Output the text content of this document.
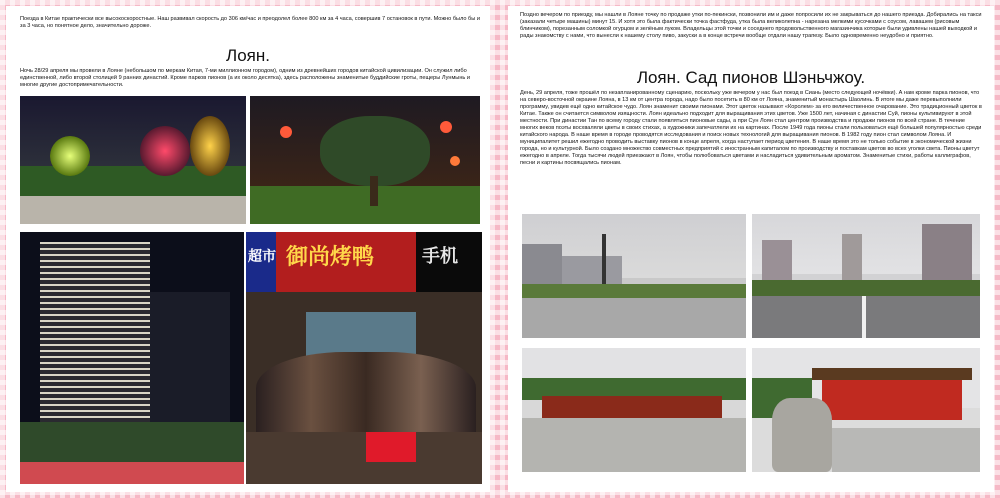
Поезда в Китае практически все высокоскоростные. Наш развивал скорость до 306 км/час и преодолел более 800 км за 4 часа, совершив 7 остановок в пути. Можно было бы и за 3 часа, но понятное дело, значительно дороже.
Лоян.
Ночь 28/29 апреля мы провели в Лояне (небольшом по меркам Китая, 7-ми миллионном городом), одним из древнейших городов китайской цивилизации. Он служил либо единственной, либо второй столицей 9 ранних династий. Кроме парков пионов (а их около десятка), здесь расположены знаменитые буддийские гроты, пещеры Лунмынь и многие другие достопримечательности.
御尚烤鸭	手机
超市
Поздно вечером по приезду, мы нашли в Лояне точку по продаже утки по-пекински, позвонили им и даже попросили их не закрываться до нашего приезда. Добирались на такси (заказали четыре машины) минут 15. И хотя это была фактически точка фастфуда, утка была великолепна - нарезана мелкими кусочками с соусом, лавашем (рисовым блинчиком), порезанным соломкой огурцом и зелёным луком. Владельцы этой точки и соседнего продовольственного магазинчика которые были удивлены нашей выходкой и рады знакомству с нами, что вынесли к нашему столу пиво, закуски а в конце встречи вообще отдали нашу трапезу. Было одновременно неудобно и приятно.
Лоян. Сад пионов Шэньчжоу.
День, 29 апреля, тоже прошёл по незапланированному сценарию, поскольку уже вечером у нас был поезд в Сиань (место следующей ночёвки). А нам кроме парка пионов, что на северо-восточной окраине Лояна, в 13 км от центра города, надо было посетить в 80 км от Лояна, знаменитый монастырь Шаолинь. В итоге мы даже перевыполнили программу, увидев ещё одно китайское чудо. Лоян знаменит своими пионами. Этот цветок называют «Королем» за его величественное очарование. Это традиционный цветок в Китае. Также он считается символом изящности. Лоян идеально подходит для выращивания этих цветов. Уже 1500 лет, начиная с династии Суй, пионы культивируют в этой местности. При династии Тан по всему городу стали появляться пионовые сады, а при Сун Лоян стал центром производства и продажи пионов по всей стране. В течение многих веков поэты восхваляли цветы в своих стихах, а художники запечатлели их на картинах. После 1949 года пионы стали пользоваться ещё большей популярностью среди китайского народа. В наше время в городе проводятся исследования и поиск новых технологий для выращивания пионов. В 1982 году пион стал символом Лояна. И муниципалитет решил ежегодно проводить выставку пионов в конце апреля, когда наступает период цветения. В наше время это не только событие в экономической жизни города, но и культурной. Было создано множество совместных предприятий с иностранным капиталом по производству и поставкам цветов во всех уголки света. Пионы цветут ежегодно в апреле. Тогда тысячи людей приезжают в Лоян, чтобы полюбоваться цветами и насладиться удивительным ароматом. Знаменитые стихи, работы каллиграфов, песни и картины посвящались пионам.
